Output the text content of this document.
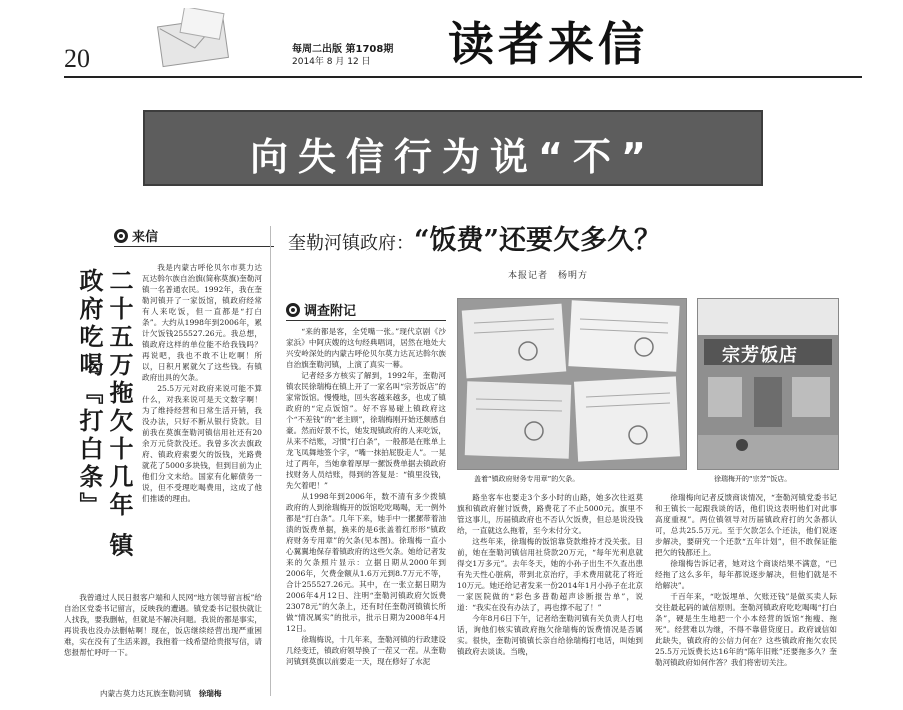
20	每周二出版 第1708期
2014年 8 月 12 日	读者来信
向失信行为说“不”
来信
二十五万拖欠十几年 镇政府吃喝『打白条』

我是内蒙古呼伦贝尔市莫力达瓦达斡尔族自治旗(简称莫旗)奎勒河镇一名普通农民。1992年，我在奎勒河镇开了一家饭馆，镇政府经常有人来吃饭，但一直都是“打白条”。大约从1998年到2006年，累计欠饭钱255527.26元。我总想，镇政府这样的单位能不给我钱吗？再说吧，我也不敢不让吃啊！所以，日积月累就欠了这些钱。有镇政府出具的欠条。

25.5万元对政府来说可能不算什么，对我来说可是天文数字啊！为了维持经营和日常生活开销，我没办法，只好不断从银行贷款。目前我在莫旗奎勒河镇信用社还有20余万元贷款没还。我曾多次去旗政府、镇政府索要欠的饭钱，光路费就花了5000多块钱，但到目前为止他们分文未给。国家有化解债务一说，但不受理吃喝费用，这成了他们推诿的理由。

我曾通过人民日报客户端和人民网“地方领导留言板”给自治区党委书记留言，反映我的遭遇。镇党委书记很快就让人找我，要我删帖，但就是不解决问题。我说的都是事实，再说我也没办法删帖啊！现在，饭店继续经营出现严重困难，实在没有了生活来源，我抱着一线希望给贵报写信，请您报帮忙呼吁一下。

内蒙古莫力达瓦族奎勒河镇　 徐瑞梅
奎勒河镇政府：“饭费”还要欠多久？
本报记者　杨明方
调查附记

“来的都是客，全凭嘴一张。”现代京剧《沙家浜》中阿庆嫂的这句经典唱词，居然在地处大兴安岭深处的内蒙古呼伦贝尔莫力达瓦达斡尔族自治旗奎勒河镇，上演了真实一幕。

记者经多方核实了解到，1992年，奎勒河镇农民徐瑞梅在镇上开了一家名叫“宗芳饭店”的家常饭馆。慢慢地，回头客越来越多，也成了镇政府的“定点饭馆”。好不容易碰上镇政府这个“不差钱”的“老主顾”，徐瑞梅刚开始还颇感自豪。然而好景不长，她发现镇政府的人来吃饭，从来不结账，习惯“打白条”，一般都是在账单上龙飞凤舞地签个字，“嘴一抹拍屁股走人”。一晃过了两年，当她拿着厚厚一摞饭费单据去镇政府找财务人员结账，得到的答复是：“镇里没钱，先欠着吧！”

从1998年到2006年，数不清有多少拨镇政府的人到徐瑞梅开的饭馆吃吃喝喝，无一例外都是“打白条”。几年下来，她手中一摞摞带着油渍的饭费单据，换来的是6张盖着红形形“镇政府财务专用章”的欠条(见本图)。徐瑞梅一直小心翼翼地保存着镇政府的这些欠条。她给记者发来的欠条照片显示：立据日期从2000年到2006年，欠费金额从1.6万元到8.7万元不等，合计255527.26元。其中，在一张立据日期为2006年4月12日、注明“奎勒河镇政府欠饭费23078元”的欠条上，还有时任奎勒河镇镇长所做“情况属实”的批示，批示日期为2008年4月12日。

徐瑞梅说，十几年来，奎勒河镇的行政建设几经变迁，镇政府领导换了一茬又一茬。从奎勒河镇到莫旗以前要走一天，现在修好了水泥

盖着“镇政府财务专用章”的欠条。
宗芳饭店
徐瑞梅开的“宗芳”饭店。

路坐客车也要走3个多小时的山路，她多次往返莫旗和镇政府催讨饭费，路费花了不止5000元。旗里不管这事儿，历届镇政府也不否认欠饭费，但总是说没钱给，一直就这么拖着，至今未付分文。

这些年来，徐瑞梅的饭馆靠贷款维持才没关张。目前，她在奎勒河镇信用社贷款20万元，“每年光利息就得交1万多元”。去年冬天，她的小孙子出生不久查出患有先天性心脏病，带到北京治疗，手术费用就花了将近10万元。她还给记者发来一份2014年1月小孙子在北京一家医院做的“彩色多普勒超声诊断报告单”，说道：“我实在没有办法了，再也撑不起了！”

今年8月6日下午，记者给奎勒河镇有关负责人打电话，询他们核实镇政府拖欠徐瑞梅的饭费情况是否属实。很快，奎勒河镇镇长亲自给徐瑞梅打电话，叫她到镇政府去谈谈。当晚，

徐瑞梅向记者反馈商谈情况，“奎勒河镇党委书记和王镇长一起跟我谈的话，他们说这表明他们对此事高度重视”。两位镇领导对历届镇政府打的欠条都认可，总共25.5万元。至于欠款怎么个还法，他们说逐步解决，要研究一个还款“五年计划”，但不敢保证能把欠的钱都还上。

徐瑞梅告诉记者，她对这个商谈结果不满意，“已经拖了这么多年，每年都说逐步解决，但他们就是不给解决”。

千百年来，“吃饭埋单、欠账还钱”是做买卖人际交往最起码的诚信原则。奎勒河镇政府吃吃喝喝“打白条”，硬是生生地把一个小本经营的饭馆“拖瘦、拖死”。经营难以为继，不得不靠借贷度日。政府诚信如此缺失，镇政府的公信力何在？这些镇政府拖欠农民25.5万元饭费长达16年的“陈年旧账”还要拖多久？奎勒河镇政府如何作答？我们将密切关注。
